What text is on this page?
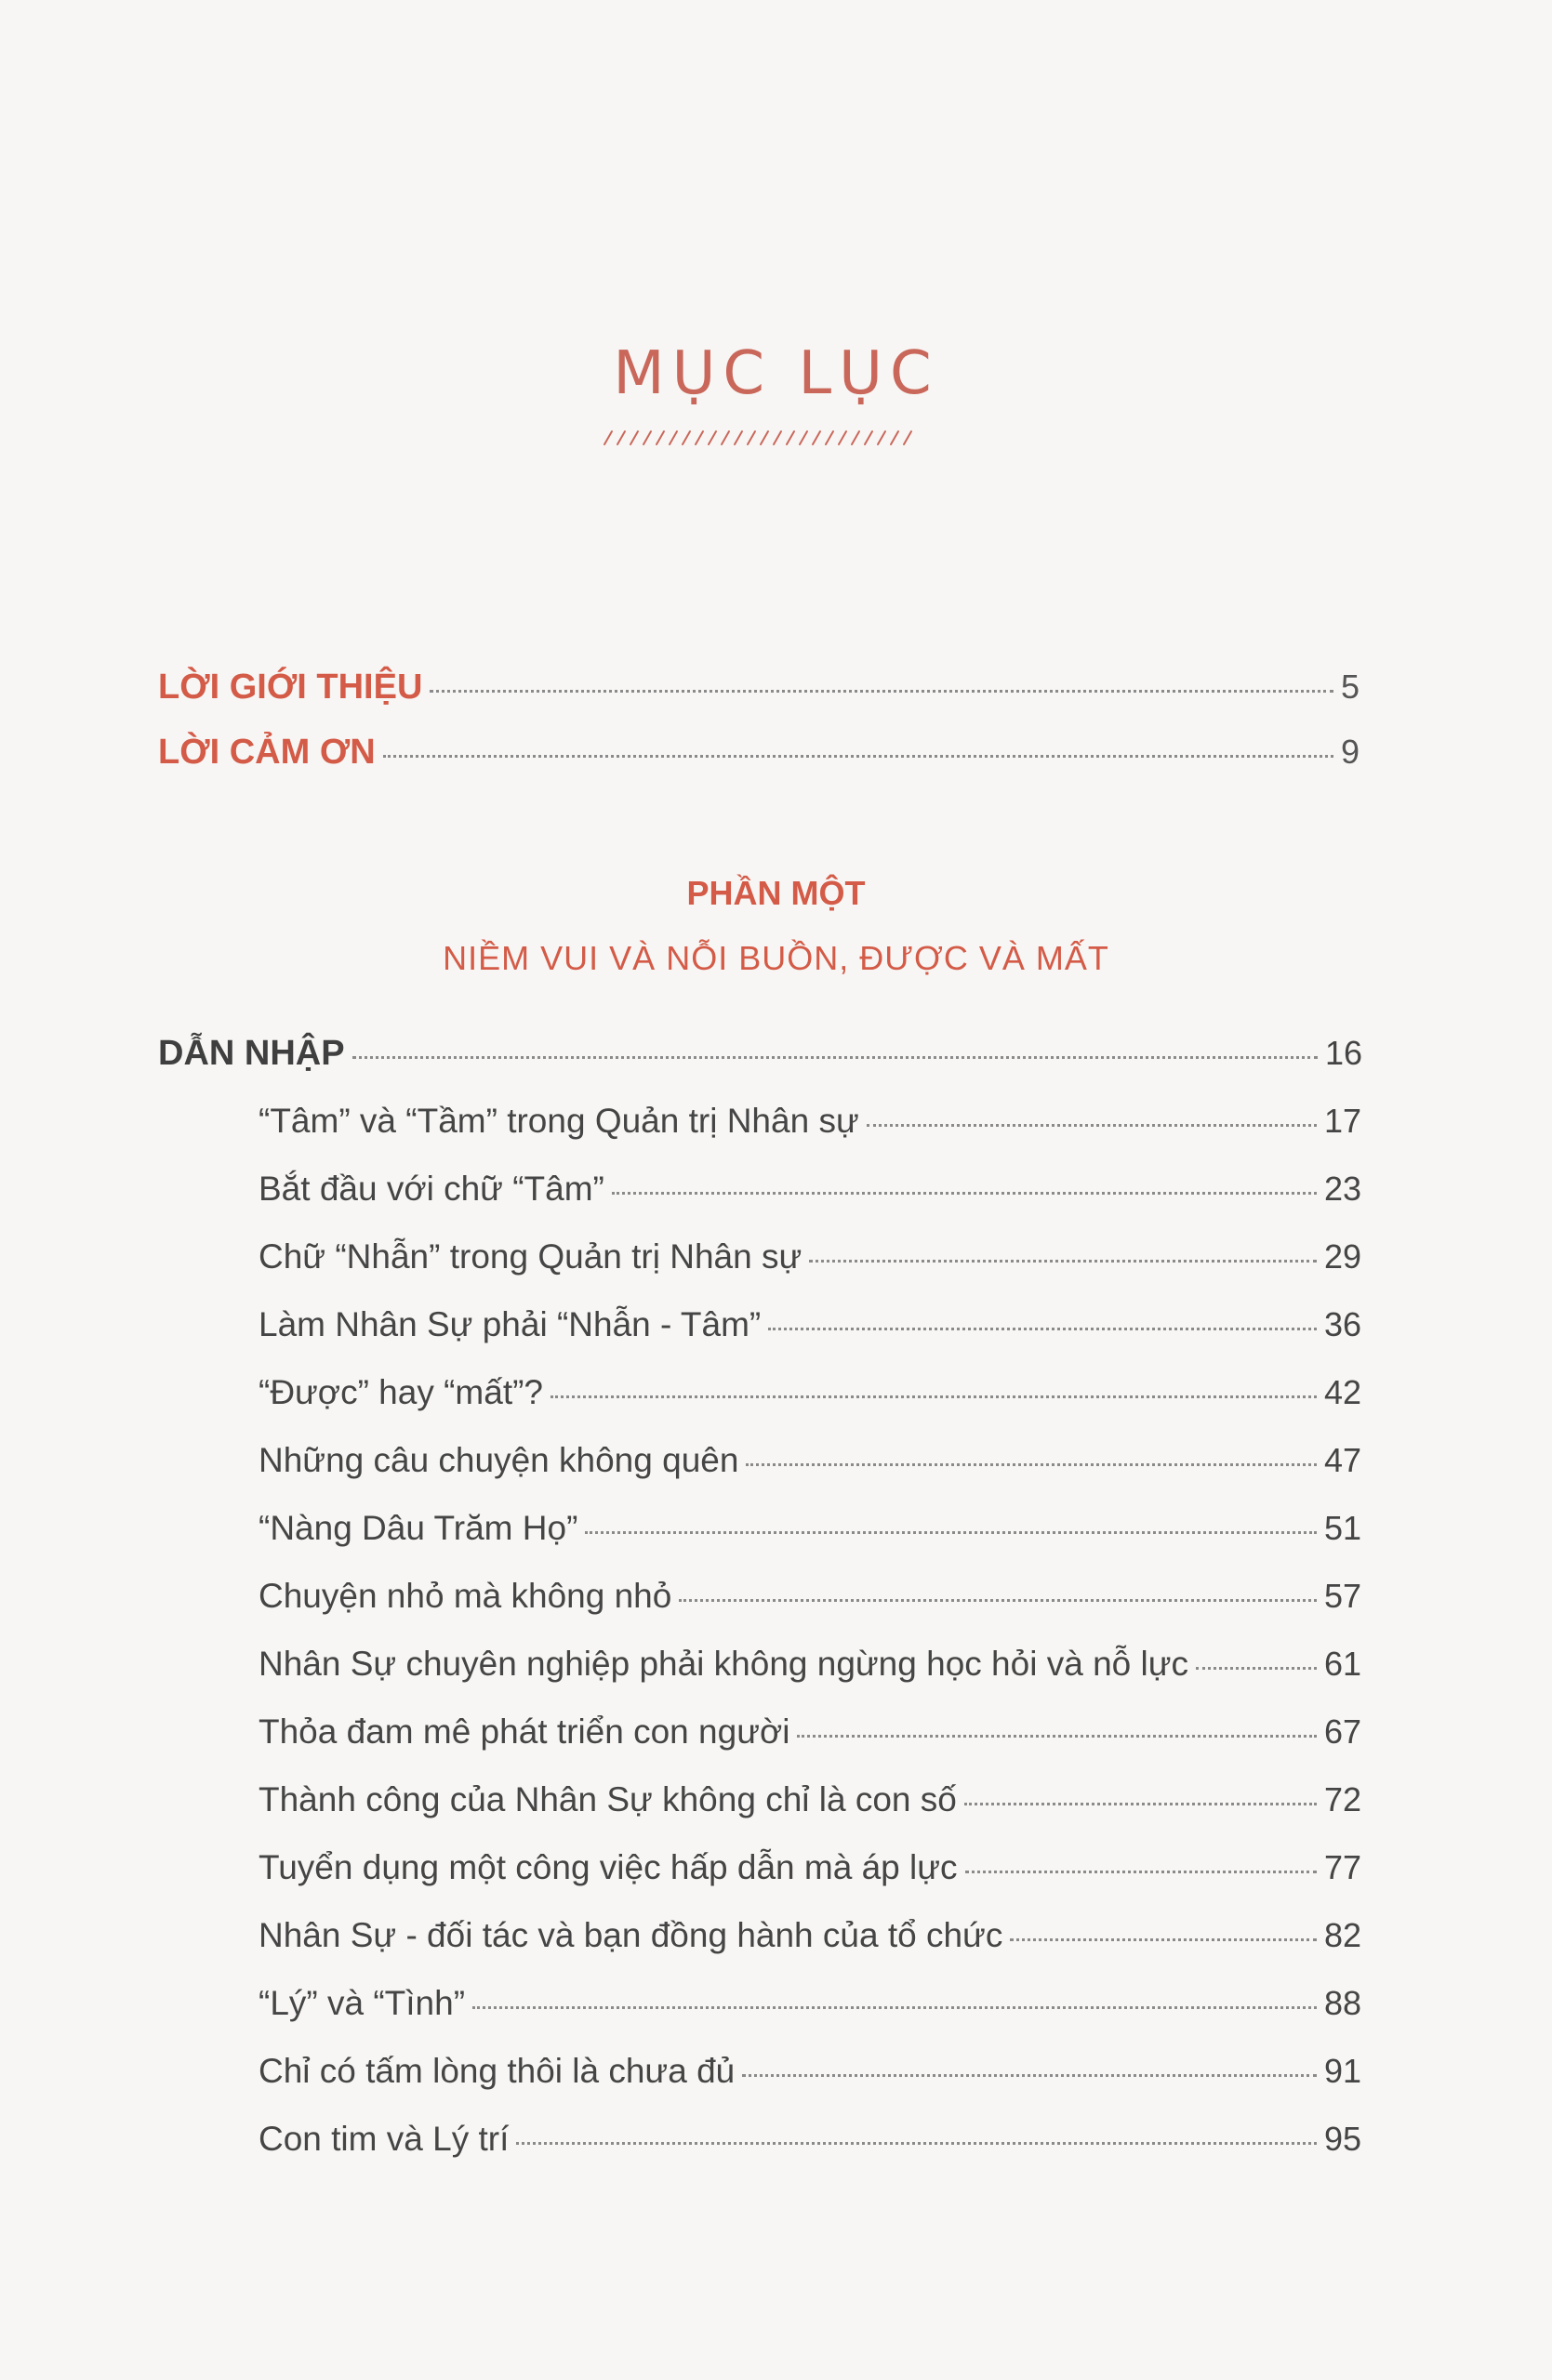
MỤC LỤC
LỜI GIỚI THIỆU	5
LỜI CẢM ƠN	9
PHẦN MỘT
NIỀM VUI VÀ NỖI BUỒN, ĐƯỢC VÀ MẤT
DẪN NHẬP	16
“Tâm” và “Tầm” trong Quản trị Nhân sự	17
Bắt đầu với chữ “Tâm”	23
Chữ “Nhẫn” trong Quản trị Nhân sự	29
Làm Nhân Sự phải “Nhẫn - Tâm”	36
“Được” hay “mất”?	42
Những câu chuyện không quên	47
“Nàng Dâu Trăm Họ”	51
Chuyện nhỏ mà không nhỏ	57
Nhân Sự chuyên nghiệp phải không ngừng học hỏi và nỗ lực	61
Thỏa đam mê phát triển con người	67
Thành công của Nhân Sự không chỉ là con số	72
Tuyển dụng một công việc hấp dẫn mà áp lực	77
Nhân Sự - đối tác và bạn đồng hành của tổ chức	82
“Lý” và “Tình”	88
Chỉ có tấm lòng thôi là chưa đủ	91
Con tim và Lý trí	95
